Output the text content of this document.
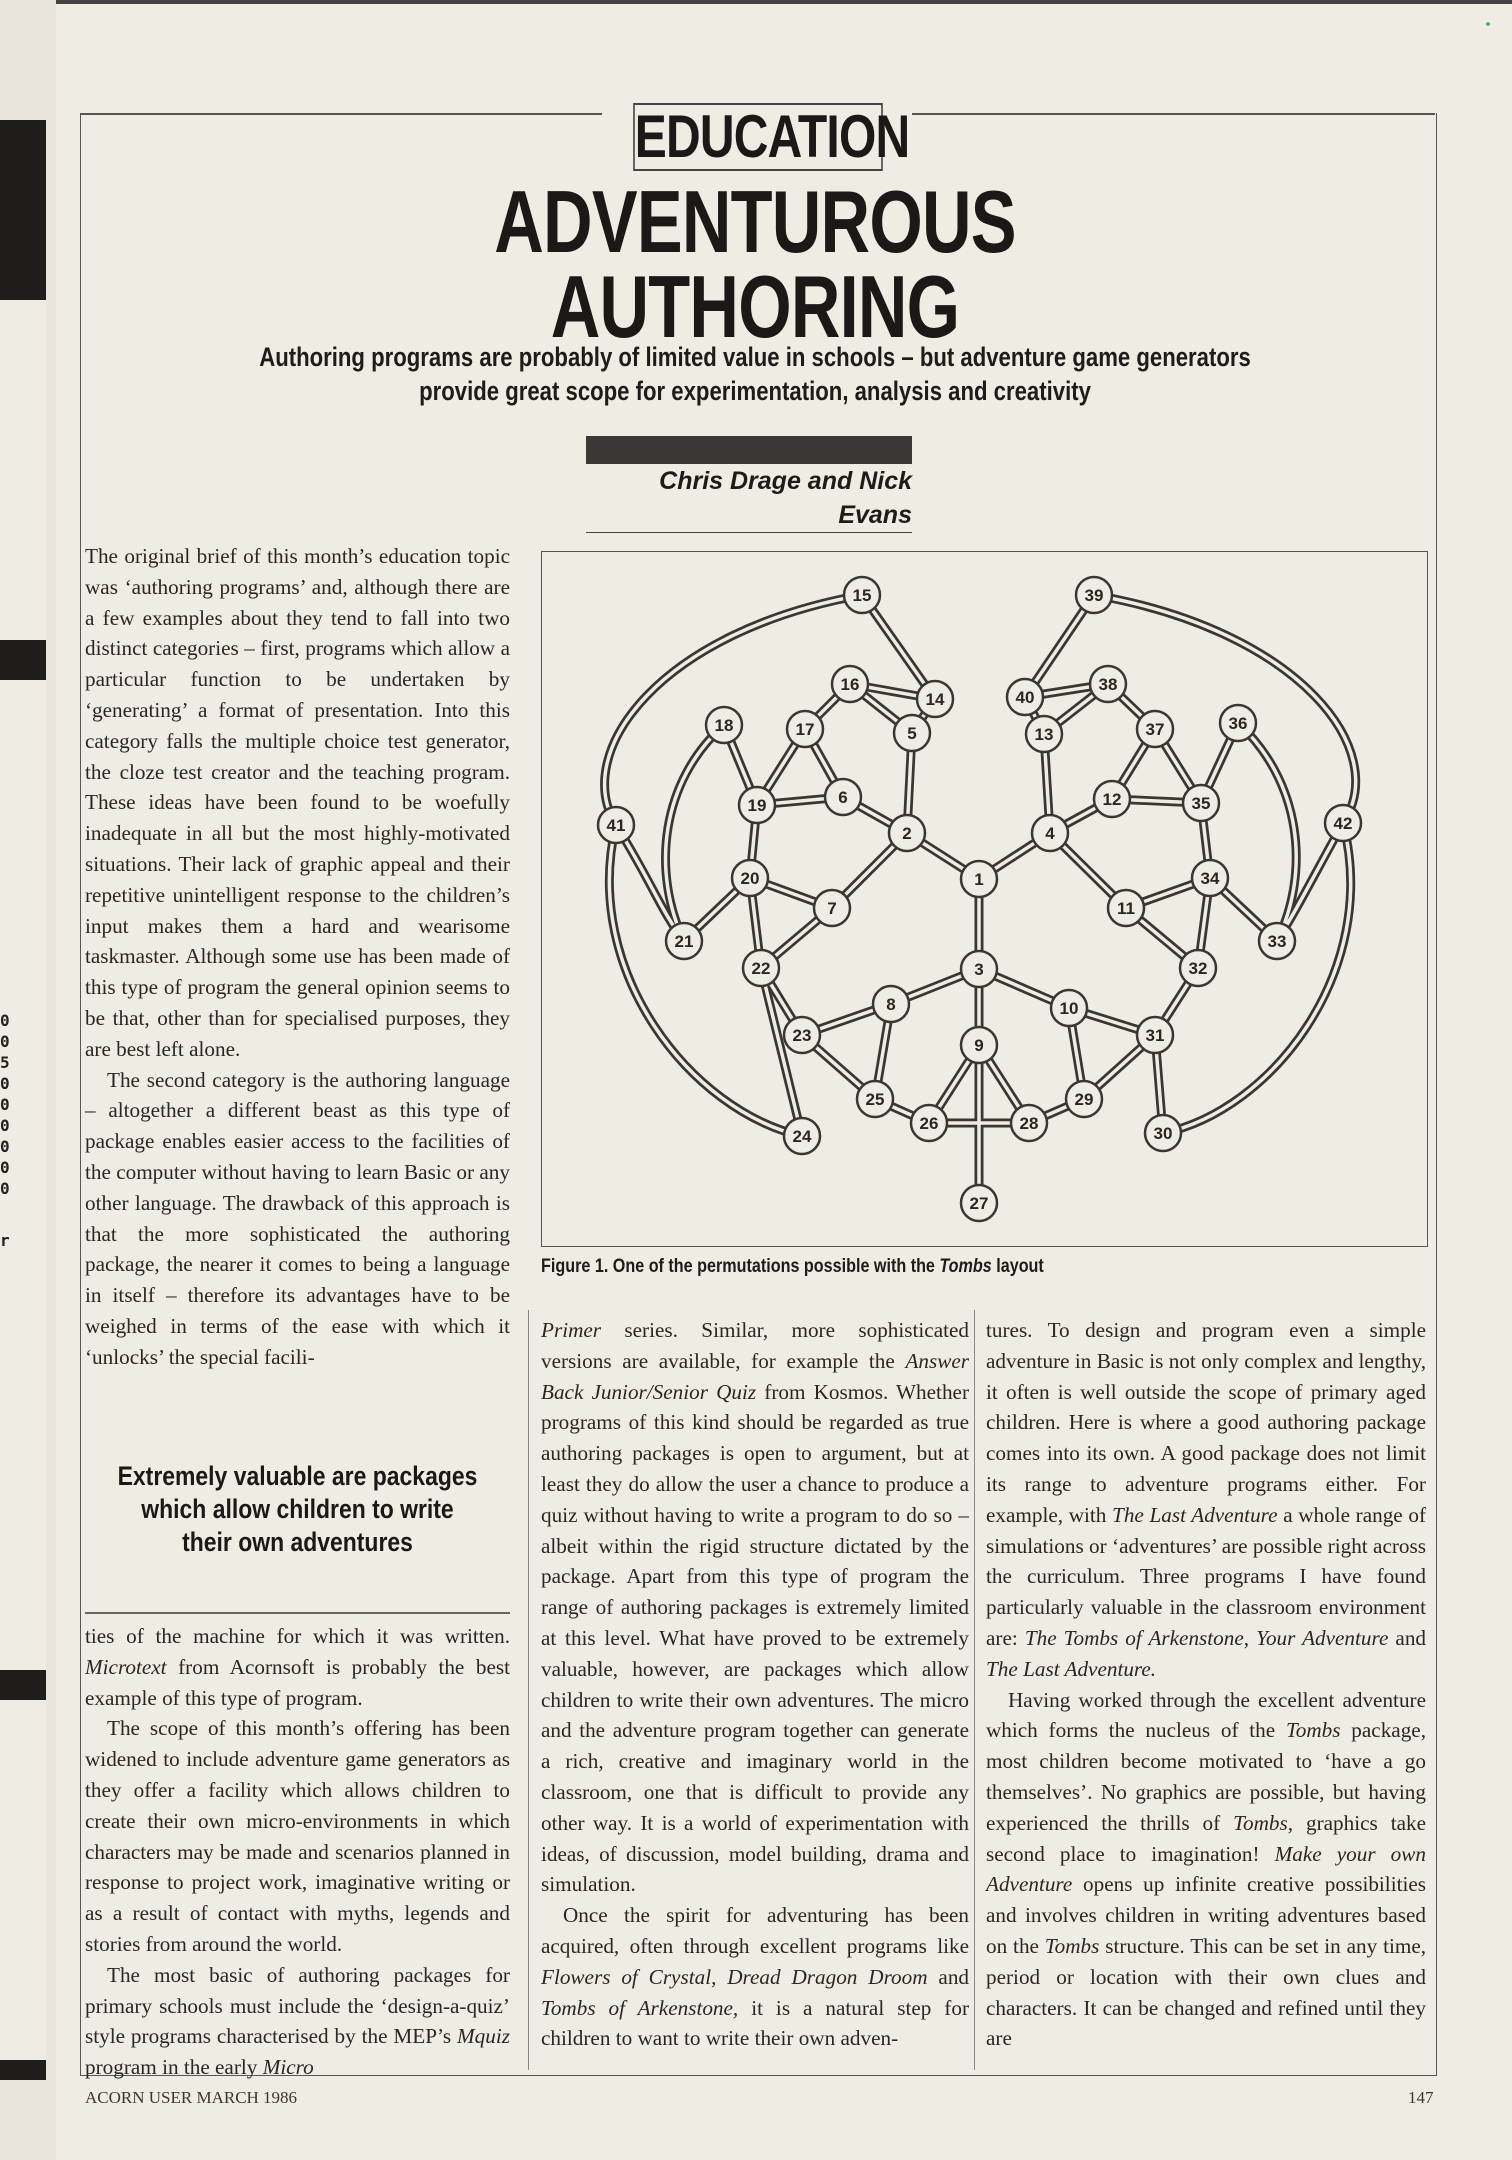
0
0
5
0
0
0
0
0
0
r
EDUCATION
ADVENTUROUS
AUTHORING
Authoring programs are probably of limited value in schools – but adventure game generators
provide great scope for experimentation, analysis and creativity
Chris Drage and Nick Evans

The original brief of this month’s education topic was ‘authoring programs’ and, although there are a few examples about they tend to fall into two distinct categories – first, programs which allow a particular function to be undertaken by ‘generating’ a format of presentation. Into this category falls the multiple choice test generator, the cloze test creator and the teaching program. These ideas have been found to be woefully inadequate in all but the most highly-motivated situations. Their lack of graphic appeal and their repetitive unintelligent response to the children’s input makes them a hard and wearisome taskmaster. Although some use has been made of this type of program the general opinion seems to be that, other than for specialised purposes, they are best left alone.

The second category is the authoring language – altogether a different beast as this type of package enables easier access to the facilities of the computer without having to learn Basic or any other language. The drawback of this approach is that the more sophisticated the authoring package, the nearer it comes to being a language in itself – therefore its advantages have to be weighed in terms of the ease with which it ‘unlocks’ the special facili-

Extremely valuable are packages which allow children to write their own adventures

ties of the machine for which it was written. Microtext from Acornsoft is probably the best example of this type of program.

The scope of this month’s offering has been widened to include adventure game generators as they offer a facility which allows children to create their own micro-environments in which characters may be made and scenarios planned in response to project work, imaginative writing or as a result of contact with myths, legends and stories from around the world.

The most basic of authoring packages for primary schools must include the ‘design-a-quiz’ style programs characterised by the MEP’s Mquiz program in the early Micro

1
2
3
4
5
6
7
8
9
10
11
12
13
14
15
16
17
18
19
20
21
22
23
24
25
26
27
28
29
30
31
32
33
34
35
36
37
38
39
40
41	42
Figure 1. One of the permutations possible with the Tombs layout

Primer series. Similar, more sophisticated versions are available, for example the Answer Back Junior/Senior Quiz from Kosmos. Whether programs of this kind should be regarded as true authoring packages is open to argument, but at least they do allow the user a chance to produce a quiz without having to write a program to do so – albeit within the rigid structure dictated by the package. Apart from this type of program the range of authoring packages is extremely limited at this level. What have proved to be extremely valuable, however, are packages which allow children to write their own adventures. The micro and the adventure program together can generate a rich, creative and imaginary world in the classroom, one that is difficult to provide any other way. It is a world of experimentation with ideas, of discussion, model building, drama and simulation.

Once the spirit for adventuring has been acquired, often through excellent programs like Flowers of Crystal, Dread Dragon Droom and Tombs of Arkenstone, it is a natural step for children to want to write their own adven-

tures. To design and program even a simple adventure in Basic is not only complex and lengthy, it often is well outside the scope of primary aged children. Here is where a good authoring package comes into its own. A good package does not limit its range to adventure programs either. For example, with The Last Adventure a whole range of simulations or ‘adventures’ are possible right across the curriculum. Three programs I have found particularly valuable in the classroom environment are: The Tombs of Arkenstone, Your Adventure and The Last Adventure.

Having worked through the excellent adventure which forms the nucleus of the Tombs package, most children become motivated to ‘have a go themselves’. No graphics are possible, but having experienced the thrills of Tombs, graphics take second place to imagination! Make your own Adventure opens up infinite creative possibilities and involves children in writing adventures based on the Tombs structure. This can be set in any time, period or location with their own clues and characters. It can be changed and refined until they are

ACORN USER MARCH 1986	147
